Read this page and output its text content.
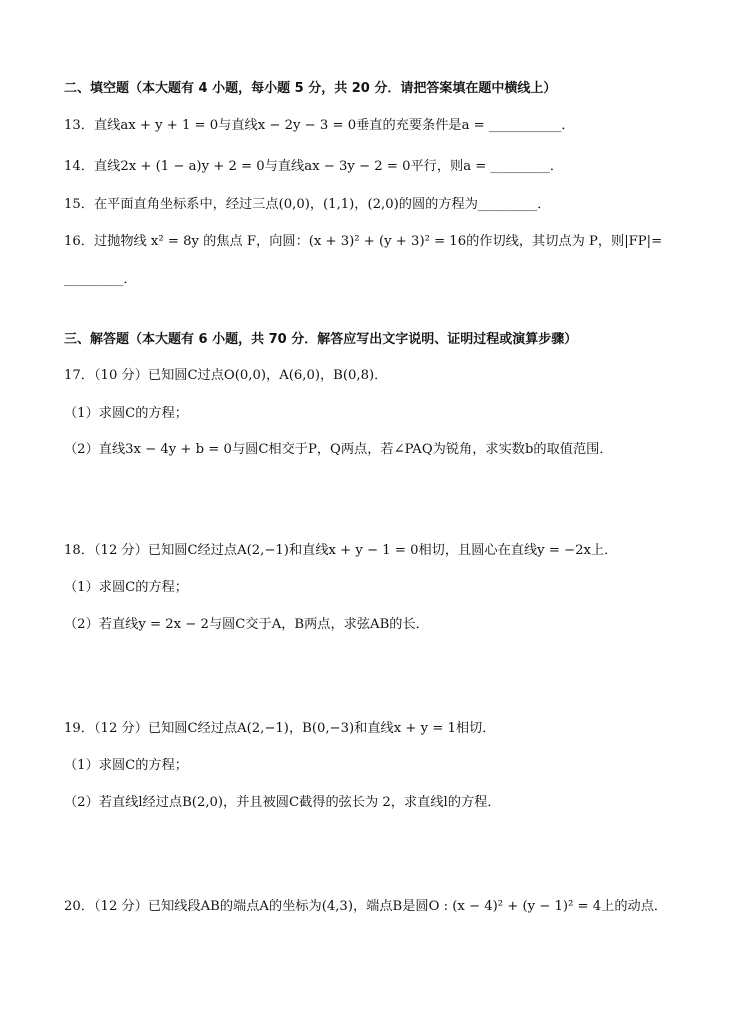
二、填空题（本大题有 4 小题，每小题 5 分，共 20 分．请把答案填在题中横线上）
13．直线ax + y + 1 = 0与直线x − 2y − 3 = 0垂直的充要条件是a = ___________．
14．直线2x + (1 − a)y + 2 = 0与直线ax − 3y − 2 = 0平行，则a = _________．
15．在平面直角坐标系中，经过三点(0,0)，(1,1)，(2,0)的圆的方程为_________．
16．过抛物线 x² = 8y 的焦点 F，向圆：(x + 3)² + (y + 3)² = 16的作切线，其切点为 P，则|FP|=
_________．
三、解答题（本大题有 6 小题，共 70 分．解答应写出文字说明、证明过程或演算步骤）
17．（10 分）已知圆C过点O(0,0)，A(6,0)，B(0,8)．
（1）求圆C的方程；
（2）直线3x − 4y + b = 0与圆C相交于P，Q两点，若∠PAQ为锐角，求实数b的取值范围．
18．（12 分）已知圆C经过点A(2,−1)和直线x + y − 1 = 0相切，且圆心在直线y = −2x上．
（1）求圆C的方程；
（2）若直线y = 2x − 2与圆C交于A，B两点，求弦AB的长．
19．（12 分）已知圆C经过点A(2,−1)，B(0,−3)和直线x + y = 1相切．
（1）求圆C的方程；
（2）若直线l经过点B(2,0)，并且被圆C截得的弦长为 2，求直线l的方程．
20．（12 分）已知线段AB的端点A的坐标为(4,3)，端点B是圆O : (x − 4)² + (y − 1)² = 4上的动点．
